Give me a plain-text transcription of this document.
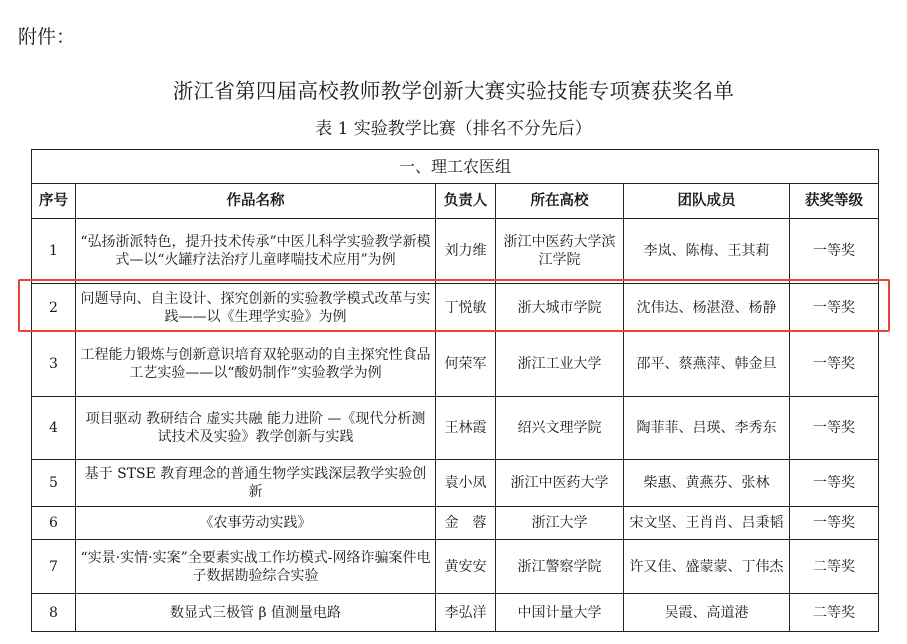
附件：
浙江省第四届高校教师教学创新大赛实验技能专项赛获奖名单
表 1 实验教学比赛（排名不分先后）
一、理工农医组					
序号	作品名称	负责人	所在高校	团队成员	获奖等级
1	“弘扬浙派特色，提升技术传承”中医儿科学实验教学新模式—以“火罐疗法治疗儿童哮喘技术应用”为例	刘力维	浙江中医药大学滨江学院	李岚、陈梅、王其莉	一等奖
2	问题导向、自主设计、探究创新的实验教学模式改革与实践——以《生理学实验》为例	丁悦敏	浙大城市学院	沈伟达、杨湛澄、杨静	一等奖
3	工程能力锻炼与创新意识培育双轮驱动的自主探究性食品工艺实验——以“酸奶制作”实验教学为例	何荣军	浙江工业大学	邵平、蔡燕萍、韩金旦	一等奖
4	项目驱动 教研结合 虚实共融 能力进阶 —《现代分析测试技术及实验》教学创新与实践	王林霞	绍兴文理学院	陶菲菲、吕瑛、李秀东	一等奖
5	基于 STSE 教育理念的普通生物学实践深层教学实验创新	袁小凤	浙江中医药大学	柴惠、黄燕芬、张林	一等奖
6	《农事劳动实践》	金　蓉	浙江大学	宋文坚、王肖肖、吕秉韬	一等奖
7	“实景·实情·实案”全要素实战工作坊模式-网络诈骗案件电子数据勘验综合实验	黄安安	浙江警察学院	许又佳、盛蒙蒙、丁伟杰	二等奖
8	数显式三极管 β 值测量电路	李弘洋	中国计量大学	吴霞、高道港	二等奖
